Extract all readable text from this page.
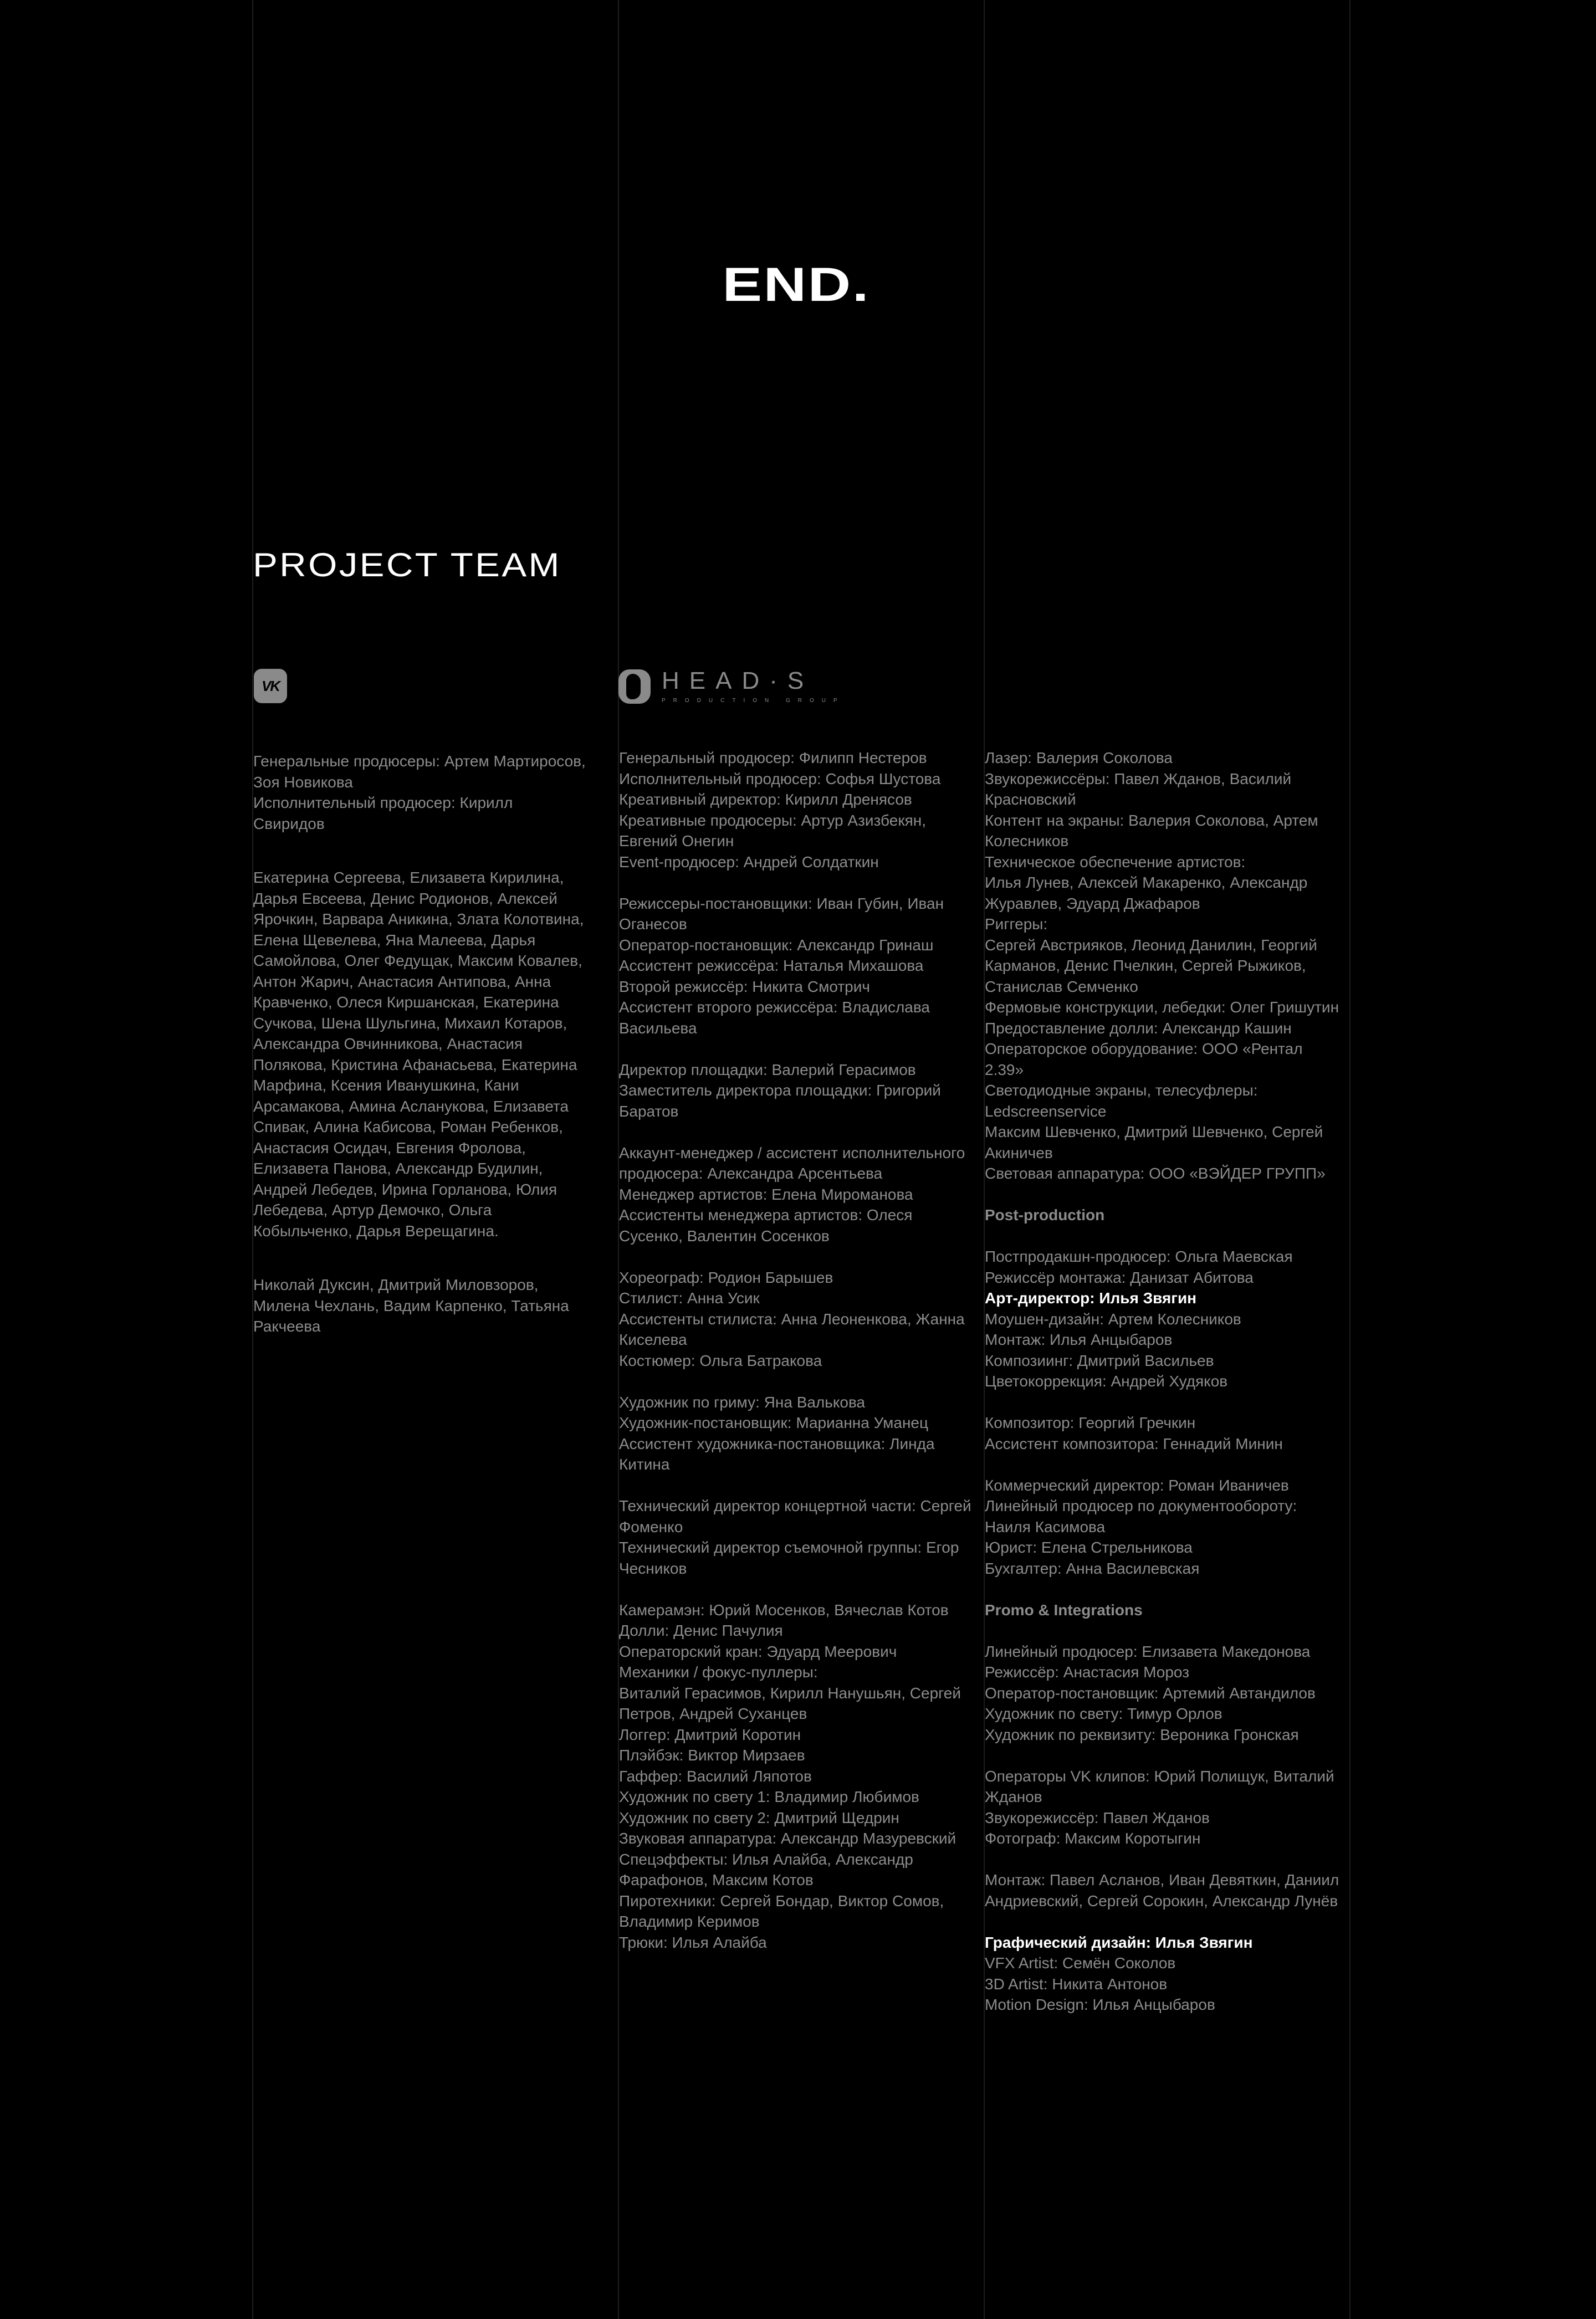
END.
PROJECT TEAM
VK	HEAD·S
PRODUCTION GROUP
Генеральные продюсеры: Артем Мартиросов, Зоя Новикова
Исполнительный продюсер: Кирилл Свиридов
Екатерина Сергеева, Елизавета Кирилина, Дарья Евсеева, Денис Родионов, Алексей Ярочкин, Варвара Аникина, Злата Колотвина, Елена Щевелева, Яна Малеева, Дарья Самойлова, Олег Федущак, Максим Ковалев, Антон Жарич, Анастасия Антипова, Анна Кравченко, Олеся Киршанская, Екатерина Сучкова, Шена Шульгина, Михаил Котаров, Александра Овчинникова, Анастасия Полякова, Кристина Афанасьева, Екатерина Марфина, Ксения Иванушкина, Кани Арсамакова, Амина Асланукова, Елизавета Спивак, Алина Кабисова, Роман Ребенков, Анастасия Осидач, Евгения Фролова, Елизавета Панова, Александр Будилин, Андрей Лебедев, Ирина Горланова, Юлия Лебедева, Артур Демочко, Ольга Кобыльченко, Дарья Верещагина.
Николай Дуксин, Дмитрий Миловзоров, Милена Чехлань, Вадим Карпенко, Татьяна Ракчеева
Генеральный продюсер: Филипп Нестеров
Исполнительный продюсер: Софья Шустова
Креативный директор: Кирилл Дренясов
Креативные продюсеры: Артур Азизбекян, Евгений Онегин
Event-продюсер: Андрей Солдаткин
Режиссеры-постановщики: Иван Губин, Иван Оганесов
Оператор-постановщик: Александр Гринаш
Ассистент режиссёра: Наталья Михашова
Второй режиссёр: Никита Смотрич
Ассистент второго режиссёра: Владислава Васильева
Директор площадки: Валерий Герасимов
Заместитель директора площадки: Григорий Баратов
Аккаунт-менеджер / ассистент исполнительного продюсера: Александра Арсентьева
Менеджер артистов: Елена Мироманова
Ассистенты менеджера артистов: Олеся Сусенко, Валентин Сосенков
Хореограф: Родион Барышев
Стилист: Анна Усик
Ассистенты стилиста: Анна Леоненкова, Жанна Киселева
Костюмер: Ольга Батракова
Художник по гриму: Яна Валькова
Художник-постановщик: Марианна Уманец
Ассистент художника-постановщика: Линда Китина
Технический директор концертной части: Сергей Фоменко
Технический директор съемочной группы: Егор Чесников
Камерамэн: Юрий Мосенков, Вячеслав Котов
Долли: Денис Пачулия
Операторский кран: Эдуард Меерович
Механики / фокус-пуллеры:
Виталий Герасимов, Кирилл Нанушьян, Сергей Петров, Андрей Суханцев
Логгер: Дмитрий Коротин
Плэйбэк: Виктор Мирзаев
Гаффер: Василий Ляпотов
Художник по свету 1: Владимир Любимов
Художник по свету 2: Дмитрий Щедрин
Звуковая аппаратура: Александр Мазуревский
Спецэффекты: Илья Алайба, Александр Фарафонов, Максим Котов
Пиротехники: Сергей Бондар, Виктор Сомов, Владимир Керимов
Трюки: Илья Алайба
Лазер: Валерия Соколова
Звукорежиссёры: Павел Жданов, Василий Красновский
Контент на экраны: Валерия Соколова, Артем Колесников
Техническое обеспечение артистов:
Илья Лунев, Алексей Макаренко, Александр Журавлев, Эдуард Джафаров
Риггеры:
Сергей Австрияков, Леонид Данилин, Георгий Карманов, Денис Пчелкин, Сергей Рыжиков, Станислав Семченко
Фермовые конструкции, лебедки: Олег Гришутин
Предоставление долли: Александр Кашин
Операторское оборудование: ООО «Рентал 2.39»
Светодиодные экраны, телесуфлеры: Ledscreenservice
Максим Шевченко, Дмитрий Шевченко, Сергей Акиничев
Световая аппаратура: ООО «ВЭЙДЕР ГРУПП»
Post-production
Постпродакшн-продюсер: Ольга Маевская
Режиссёр монтажа: Данизат Абитова
Арт-директор: Илья Звягин
Моушен-дизайн: Артем Колесников
Монтаж: Илья Анцыбаров
Композиинг: Дмитрий Васильев
Цветокоррекция: Андрей Худяков
Композитор: Георгий Гречкин
Ассистент композитора: Геннадий Минин
Коммерческий директор: Роман Иваничев
Линейный продюсер по документообороту: Наиля Касимова
Юрист: Елена Стрельникова
Бухгалтер: Анна Василевская
Promo & Integrations
Линейный продюсер: Елизавета Македонова
Режиссёр: Анастасия Мороз
Оператор-постановщик: Артемий Автандилов
Художник по свету: Тимур Орлов
Художник по реквизиту: Вероника Гронская
Операторы VK клипов: Юрий Полищук, Виталий Жданов
Звукорежиссёр: Павел Жданов
Фотограф: Максим Коротыгин
Монтаж: Павел Асланов, Иван Девяткин, Даниил Андриевский, Сергей Сорокин, Александр Лунёв
Графический дизайн: Илья Звягин
VFX Artist: Семён Соколов
3D Artist: Никита Антонов
Motion Design: Илья Анцыбаров
